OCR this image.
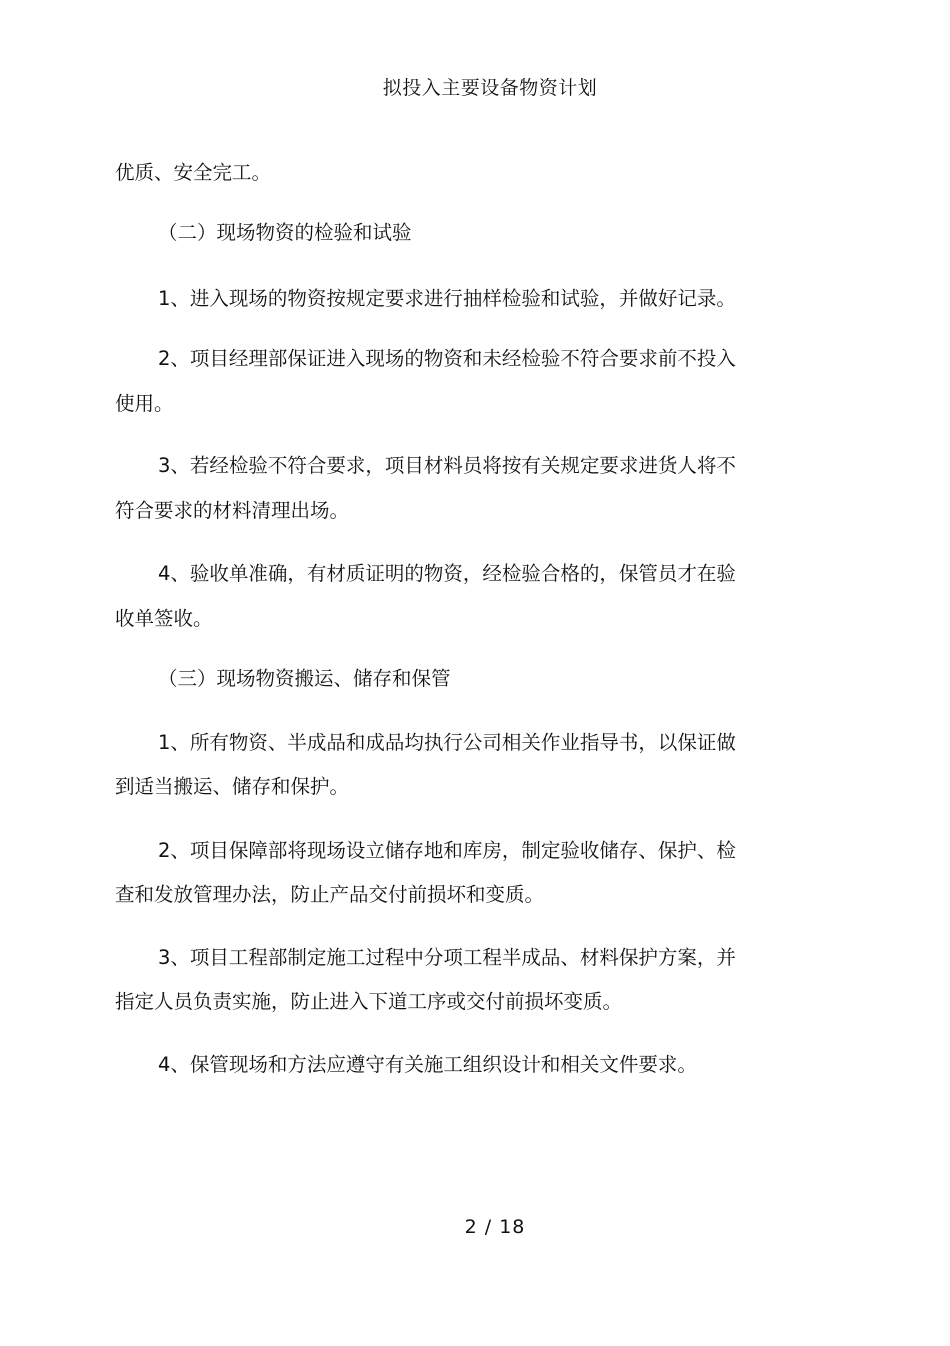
拟投入主要设备物资计划
优质、安全完工。
（二）现场物资的检验和试验
1、进入现场的物资按规定要求进行抽样检验和试验，并做好记录。
2、项目经理部保证进入现场的物资和未经检验不符合要求前不投入
使用。
3、若经检验不符合要求，项目材料员将按有关规定要求进货人将不
符合要求的材料清理出场。
4、验收单准确，有材质证明的物资，经检验合格的，保管员才在验
收单签收。
（三）现场物资搬运、储存和保管
1、所有物资、半成品和成品均执行公司相关作业指导书，以保证做
到适当搬运、储存和保护。
2、项目保障部将现场设立储存地和库房，制定验收储存、保护、检
查和发放管理办法，防止产品交付前损坏和变质。
3、项目工程部制定施工过程中分项工程半成品、材料保护方案，并
指定人员负责实施，防止进入下道工序或交付前损坏变质。
4、保管现场和方法应遵守有关施工组织设计和相关文件要求。
2 / 18
